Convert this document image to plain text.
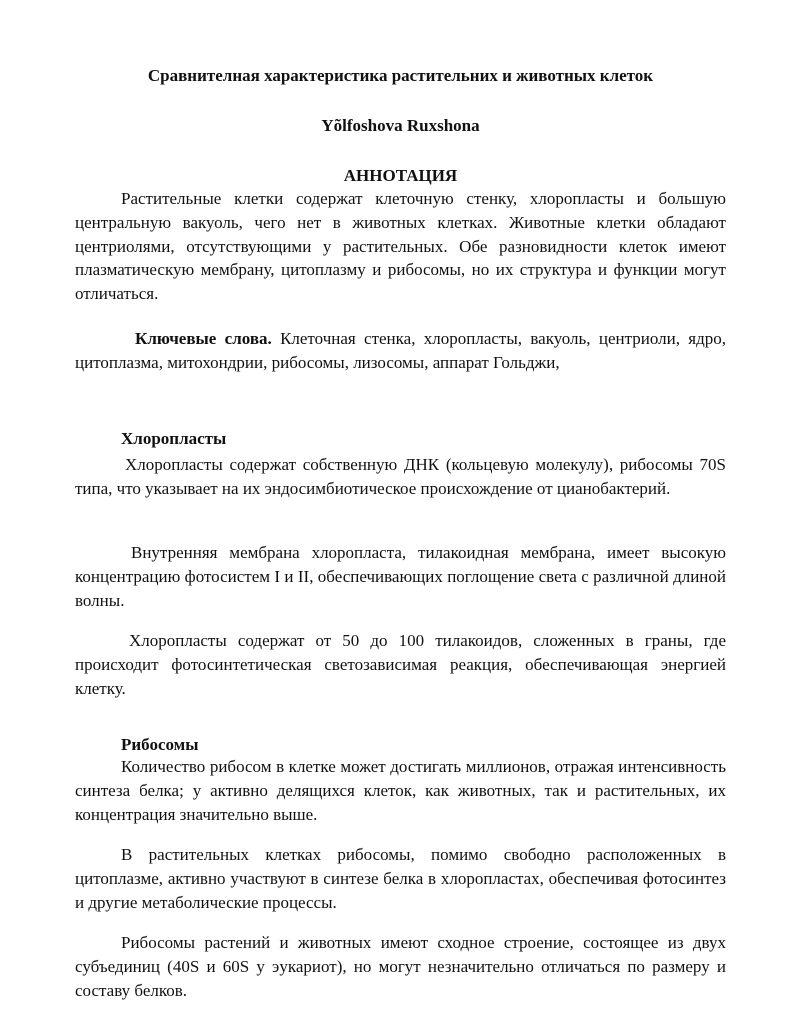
Сравнителная характеристика растительних и животных клеток
Yõlfoshova Ruxshona
АННОТАЦИЯ

Растительные клетки содержат клеточную стенку, хлоропласты и большую центральную вакуоль, чего нет в животных клетках. Животные клетки обладают центриолями, отсутствующими у растительных. Обе разновидности клеток имеют плазматическую мембрану, цитоплазму и рибосомы, но их структура и функции могут отличаться.

Ключевые слова. Клеточная стенка, хлоропласты, вакуоль, центриоли, ядро, цитоплазма, митохондрии, рибосомы, лизосомы, аппарат Гольджи,

Хлоропласты

Хлоропласты содержат собственную ДНК (кольцевую молекулу), рибосомы 70S типа, что указывает на их эндосимбиотическое происхождение от цианобактерий.

Внутренняя мембрана хлоропласта, тилакоидная мембрана, имеет высокую концентрацию фотосистем I и II, обеспечивающих поглощение света с различной длиной волны.

Хлоропласты содержат от 50 до 100 тилакоидов, сложенных в граны, где происходит фотосинтетическая светозависимая реакция, обеспечивающая энергией клетку.

Рибосомы

Количество рибосом в клетке может достигать миллионов, отражая интенсивность синтеза белка; у активно делящихся клеток, как животных, так и растительных, их концентрация значительно выше.

В растительных клетках рибосомы, помимо свободно расположенных в цитоплазме, активно участвуют в синтезе белка в хлоропластах, обеспечивая фотосинтез и другие метаболические процессы.

Рибосомы растений и животных имеют сходное строение, состоящее из двух субъединиц (40S и 60S у эукариот), но могут незначительно отличаться по размеру и составу белков.
